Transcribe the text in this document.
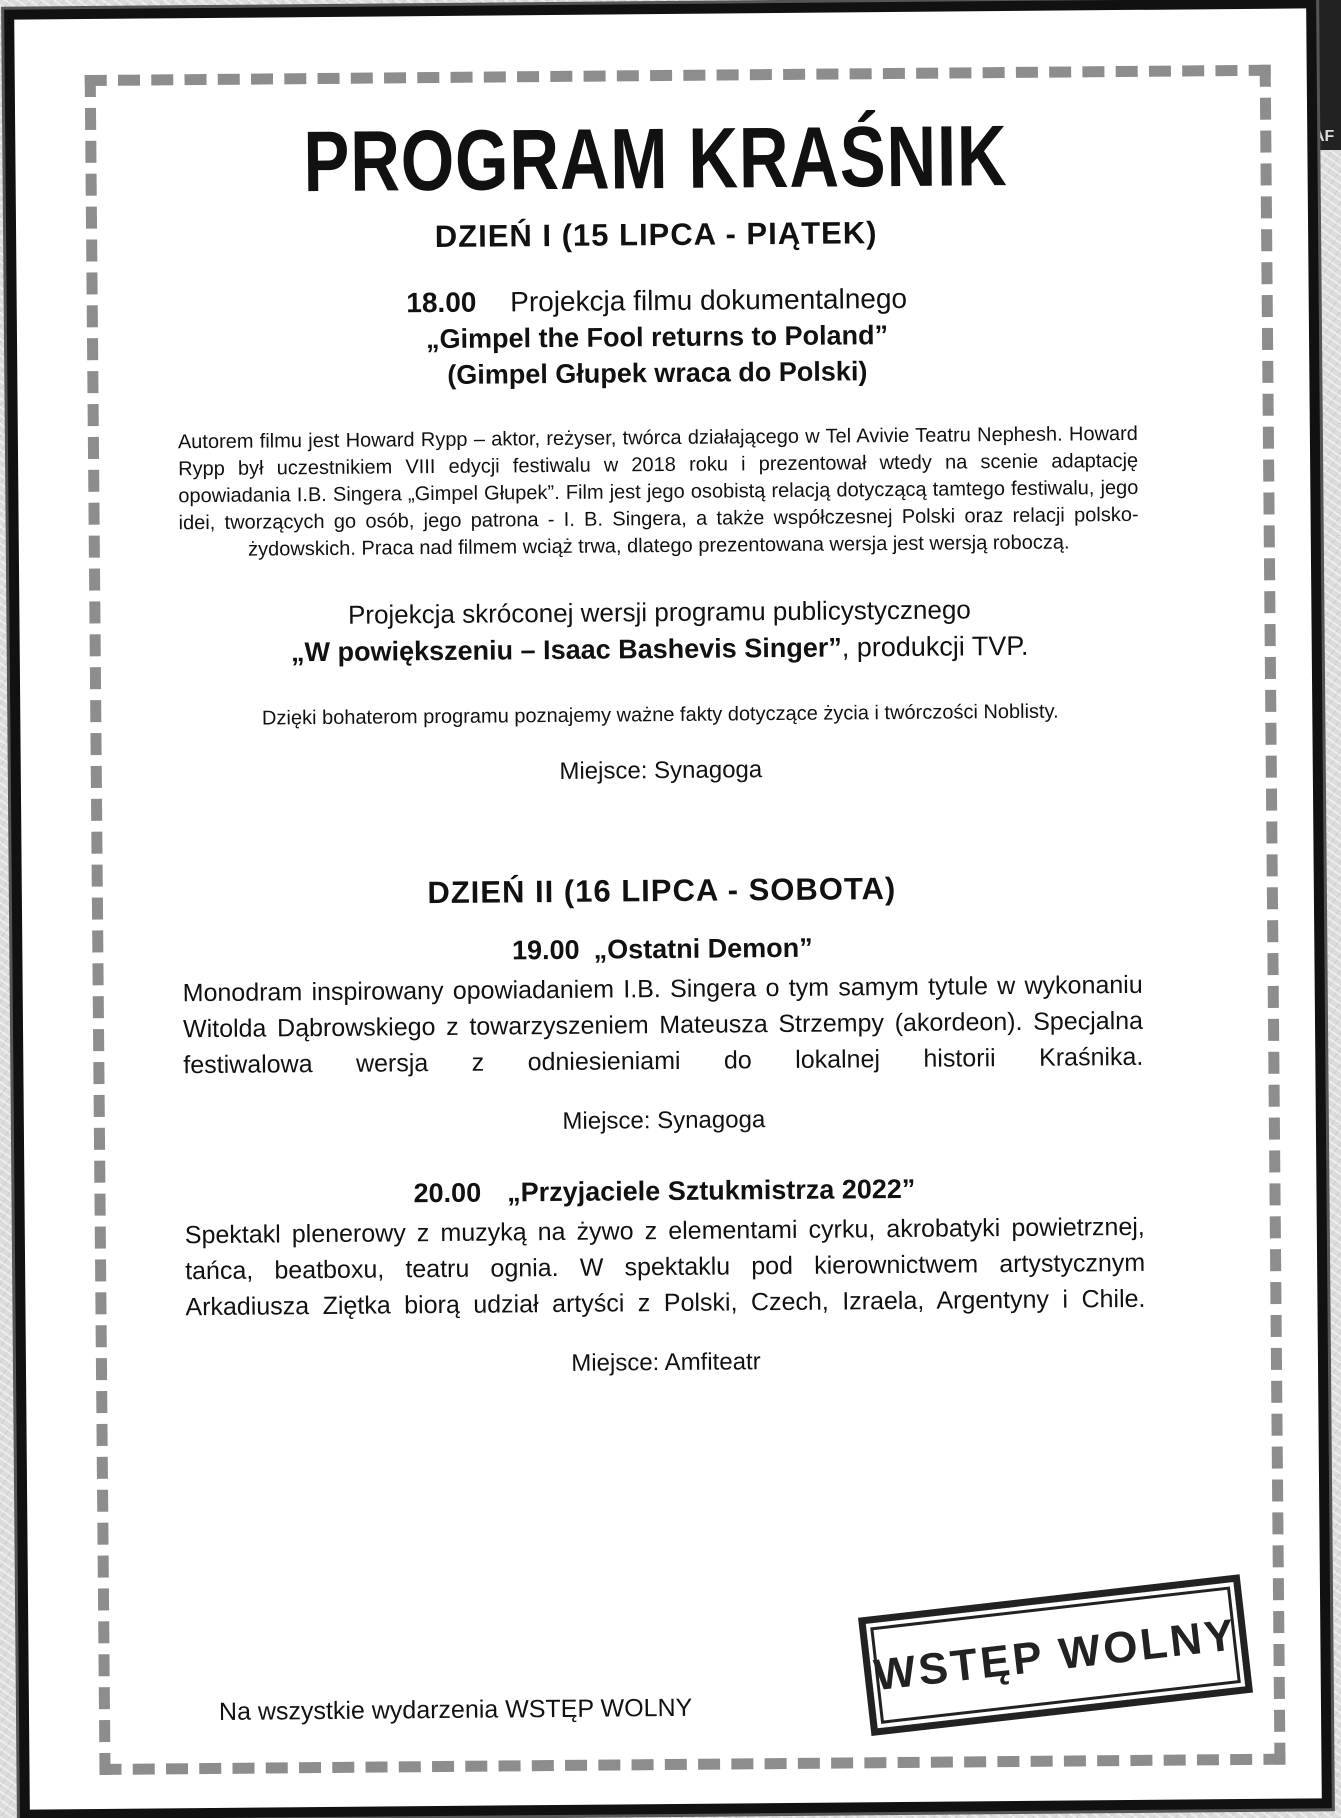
AF
PROGRAM KRAŚNIK
DZIEŃ I (15 LIPCA - PIĄTEK)
18.00 Projekcja filmu dokumentalnego
„Gimpel the Fool returns to Poland”
(Gimpel Głupek wraca do Polski)

Autorem filmu jest Howard Rypp – aktor, reżyser, twórca działającego w Tel Avivie Teatru Nephesh. Howard Rypp był uczestnikiem VIII edycji festiwalu w 2018 roku i prezentował wtedy na scenie adaptację opowiadania I.B. Singera „Gimpel Głupek”. Film jest jego osobistą relacją dotyczącą tamtego festiwalu, jego idei, tworzących go osób, jego patrona - I. B. Singera, a także współczesnej Polski oraz relacji polsko-żydowskich. Praca nad filmem wciąż trwa, dlatego prezentowana wersja jest wersją roboczą.

Projekcja skróconej wersji programu publicystycznego
„W powiększeniu – Isaac Bashevis Singer”, produkcji TVP.

Dzięki bohaterom programu poznajemy ważne fakty dotyczące życia i twórczości Noblisty.

Miejsce: Synagoga
DZIEŃ II (16 LIPCA - SOBOTA)
19.00 „Ostatni Demon”

Monodram inspirowany opowiadaniem I.B. Singera o tym samym tytule w wykonaniu Witolda Dąbrowskiego z towarzyszeniem Mateusza Strzempy (akordeon). Specjalna festiwalowa wersja z odniesieniami do lokalnej historii Kraśnika.

Miejsce: Synagoga
20.00 „Przyjaciele Sztukmistrza 2022”

Spektakl plenerowy z muzyką na żywo z elementami cyrku, akrobatyki powietrznej, tańca, beatboxu, teatru ognia. W spektaklu pod kierownictwem artystycznym Arkadiusza Ziętka biorą udział artyści z Polski, Czech, Izraela, Argentyny i Chile.

Miejsce: Amfiteatr
Na wszystkie wydarzenia WSTĘP WOLNY
WSTĘP WOLNY
